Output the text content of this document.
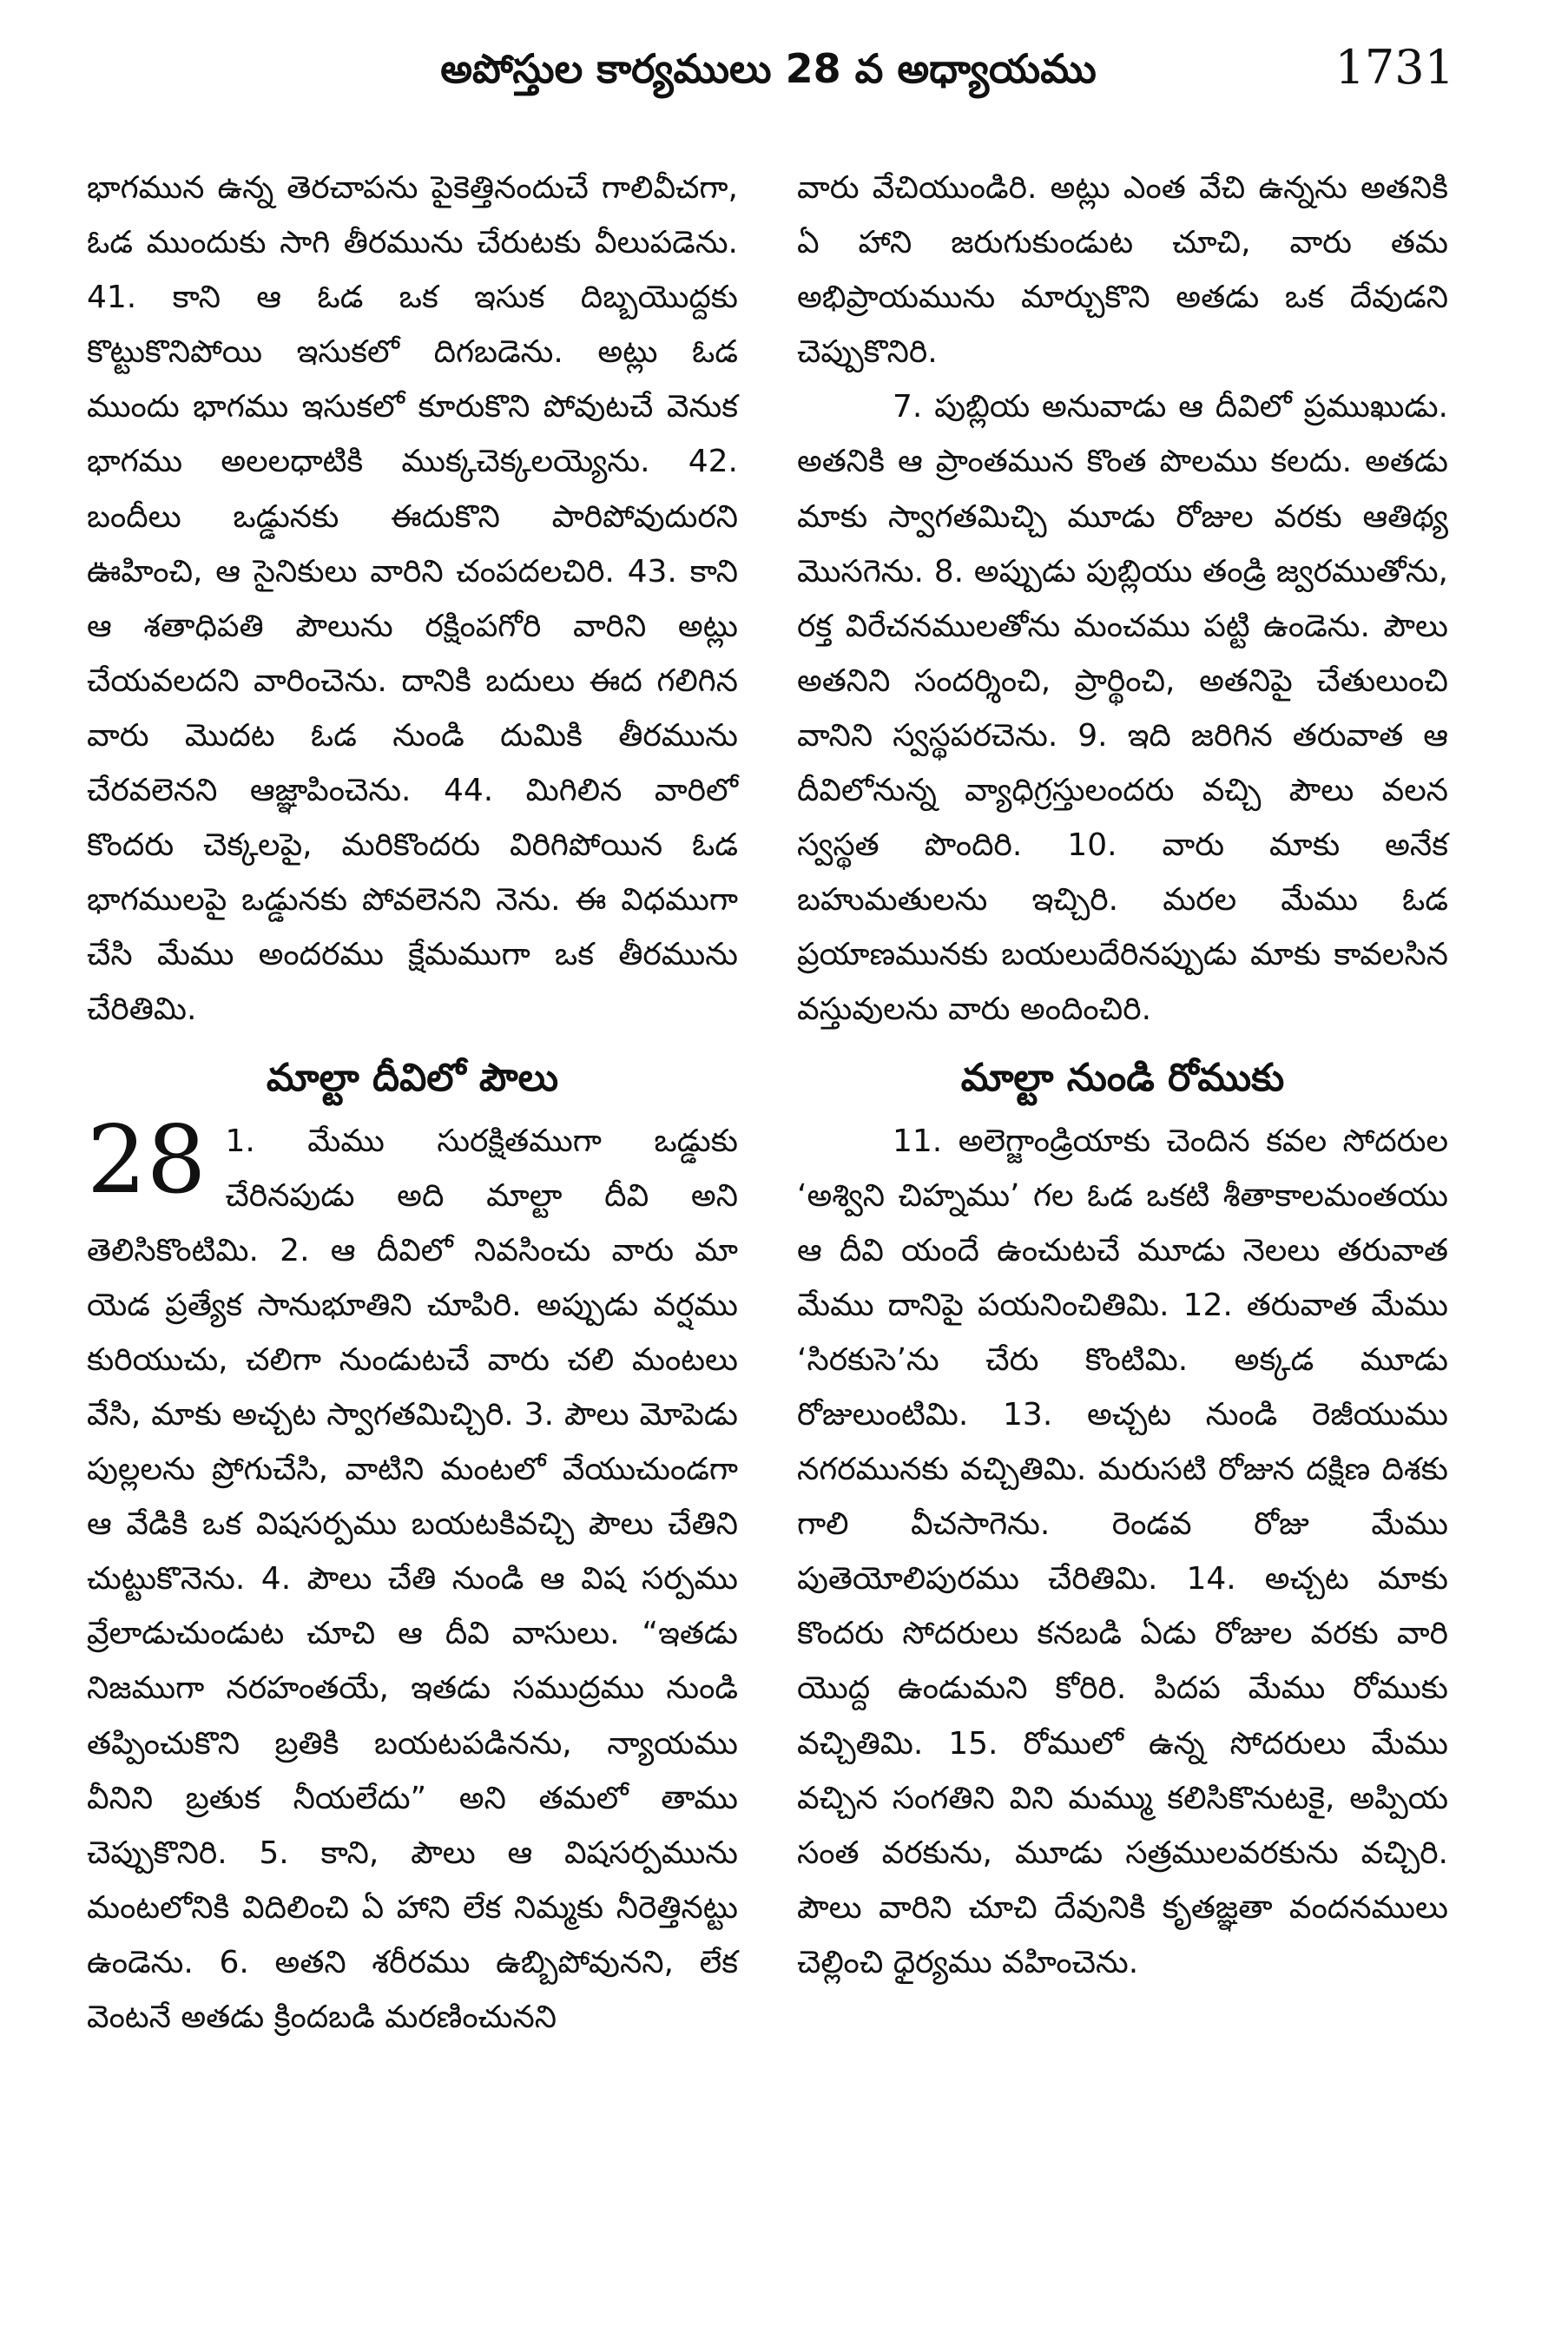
అపోస్తుల కార్యములు 28 వ అధ్యాయము	1731

భాగమున ఉన్న తెరచాపను పైకెత్తినందుచే గాలివీచగా, ఓడ ముందుకు సాగి తీరమును చేరుటకు వీలుపడెను. 41. కాని ఆ ఓడ ఒక ఇసుక దిబ్బయొద్దకు కొట్టుకొనిపోయి ఇసుకలో దిగబడెను. అట్లు ఓడ ముందు భాగము ఇసుకలో కూరుకొని పోవుటచే వెనుక భాగము అలలధాటికి ముక్కచెక్కలయ్యెను. 42. బందీలు ఒడ్డునకు ఈదుకొని పారిపోవుదురని ఊహించి, ఆ సైనికులు వారిని చంపదలచిరి. 43. కాని ఆ శతాధిపతి పౌలును రక్షింపగోరి వారిని అట్లు చేయవలదని వారించెను. దానికి బదులు ఈద గలిగిన వారు మొదట ఓడ నుండి దుమికి తీరమును చేరవలెనని ఆజ్ఞాపించెను. 44. మిగిలిన వారిలో కొందరు చెక్కలపై, మరికొందరు విరిగిపోయిన ఓడ భాగములపై ఒడ్డునకు పోవలెనని నెను. ఈ విధముగా చేసి మేము అందరము క్షేమముగా ఒక తీరమును చేరితిమి.

మాల్టా దీవిలో పౌలు

28 1. మేము సురక్షితముగా ఒడ్డుకు చేరినపుడు అది మాల్టా దీవి అని తెలిసికొంటిమి. 2. ఆ దీవిలో నివసించు వారు మా యెడ ప్రత్యేక సానుభూతిని చూపిరి. అప్పుడు వర్షము కురియుచు, చలిగా నుండుటచే వారు చలి మంటలు వేసి, మాకు అచ్చట స్వాగతమిచ్చిరి. 3. పౌలు మోపెడు పుల్లలను ప్రోగుచేసి, వాటిని మంటలో వేయుచుండగా ఆ వేడికి ఒక విషసర్పము బయటకివచ్చి పౌలు చేతిని చుట్టుకొనెను. 4. పౌలు చేతి నుండి ఆ విష సర్పము వ్రేలాడుచుండుట చూచి ఆ దీవి వాసులు. “ఇతడు నిజముగా నరహంతయే, ఇతడు సముద్రము నుండి తప్పించుకొని బ్రతికి బయటపడినను, న్యాయము వీనిని బ్రతుక నీయలేదు” అని తమలో తాము చెప్పుకొనిరి. 5. కాని, పౌలు ఆ విషసర్పమును మంటలోనికి విదిలించి ఏ హాని లేక నిమ్మకు నీరెత్తినట్టు ఉండెను. 6. అతని శరీరము ఉబ్బిపోవునని, లేక వెంటనే అతడు క్రిందబడి మరణించునని

వారు వేచియుండిరి. అట్లు ఎంత వేచి ఉన్నను అతనికి ఏ హాని జరుగుకుండుట చూచి, వారు తమ అభిప్రాయమును మార్చుకొని అతడు ఒక దేవుడని చెప్పుకొనిరి.

7. పుబ్లియ అనువాడు ఆ దీవిలో ప్రముఖుడు. అతనికి ఆ ప్రాంతమున కొంత పొలము కలదు. అతడు మాకు స్వాగతమిచ్చి మూడు రోజుల వరకు ఆతిథ్య మొసగెను. 8. అప్పుడు పుబ్లియు తండ్రి జ్వరముతోను, రక్త విరేచనములతోను మంచము పట్టి ఉండెను. పౌలు అతనిని సందర్శించి, ప్రార్థించి, అతనిపై చేతులుంచి వానిని స్వస్థపరచెను. 9. ఇది జరిగిన తరువాత ఆ దీవిలోనున్న వ్యాధిగ్రస్తులందరు వచ్చి పౌలు వలన స్వస్థత పొందిరి. 10. వారు మాకు అనేక బహుమతులను ఇచ్చిరి. మరల మేము ఓడ ప్రయాణమునకు బయలుదేరినప్పుడు మాకు కావలసిన వస్తువులను వారు అందించిరి.

మాల్టా నుండి రోముకు

11. అలెగ్జాండ్రియాకు చెందిన కవల సోదరుల ‘అశ్విని చిహ్నము’ గల ఓడ ఒకటి శీతాకాలమంతయు ఆ దీవి యందే ఉంచుటచే మూడు నెలలు తరువాత మేము దానిపై పయనించితిమి. 12. తరువాత మేము ‘సిరకుసె’ను చేరు కొంటిమి. అక్కడ మూడు రోజులుంటిమి. 13. అచ్చట నుండి రెజీయుము నగరమునకు వచ్చితిమి. మరుసటి రోజున దక్షిణ దిశకు గాలి వీచసాగెను. రెండవ రోజు మేము పుతెయోలిపురము చేరితిమి. 14. అచ్చట మాకు కొందరు సోదరులు కనబడి ఏడు రోజుల వరకు వారి యొద్ద ఉండుమని కోరిరి. పిదప మేము రోముకు వచ్చితిమి. 15. రోములో ఉన్న సోదరులు మేము వచ్చిన సంగతిని విని మమ్ము కలిసికొనుటకై, అప్పియ సంత వరకును, మూడు సత్రములవరకును వచ్చిరి. పౌలు వారిని చూచి దేవునికి కృతజ్ఞతా వందనములు చెల్లించి ధైర్యము వహించెను.
